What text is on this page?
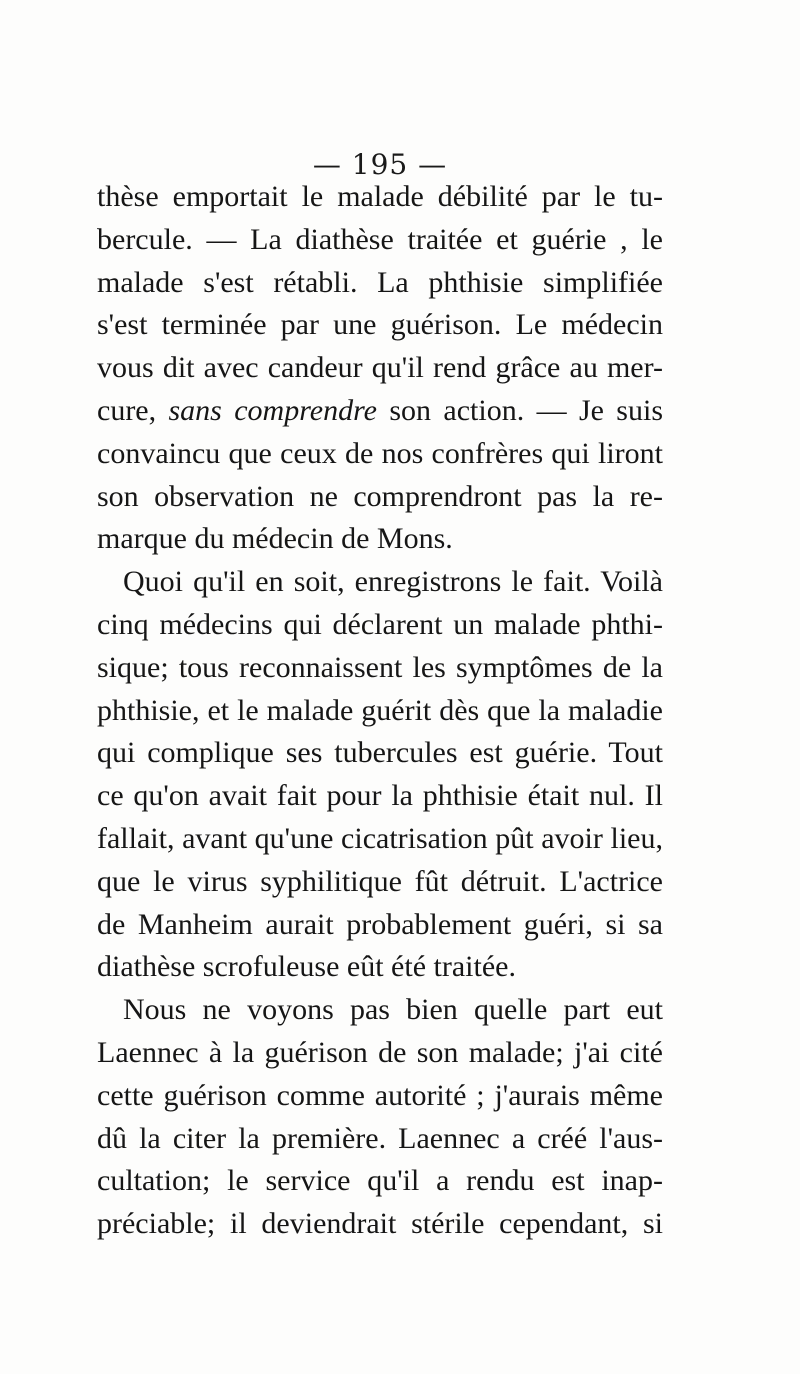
— 195 —
thèse emportait le malade débilité par le tu-
bercule. — La diathèse traitée et guérie , le
malade s'est rétabli. La phthisie simplifiée
s'est terminée par une guérison. Le médecin
vous dit avec candeur qu'il rend grâce au mer-
cure, sans comprendre son action. — Je suis
convaincu que ceux de nos confrères qui liront
son observation ne comprendront pas la re-
marque du médecin de Mons.
Quoi qu'il en soit, enregistrons le fait. Voilà
cinq médecins qui déclarent un malade phthi-
sique; tous reconnaissent les symptômes de la
phthisie, et le malade guérit dès que la maladie
qui complique ses tubercules est guérie. Tout
ce qu'on avait fait pour la phthisie était nul. Il
fallait, avant qu'une cicatrisation pût avoir lieu,
que le virus syphilitique fût détruit. L'actrice
de Manheim aurait probablement guéri, si sa
diathèse scrofuleuse eût été traitée.
Nous ne voyons pas bien quelle part eut
Laennec à la guérison de son malade; j'ai cité
cette guérison comme autorité ; j'aurais même
dû la citer la première. Laennec a créé l'aus-
cultation; le service qu'il a rendu est inap-
préciable; il deviendrait stérile cependant, si
